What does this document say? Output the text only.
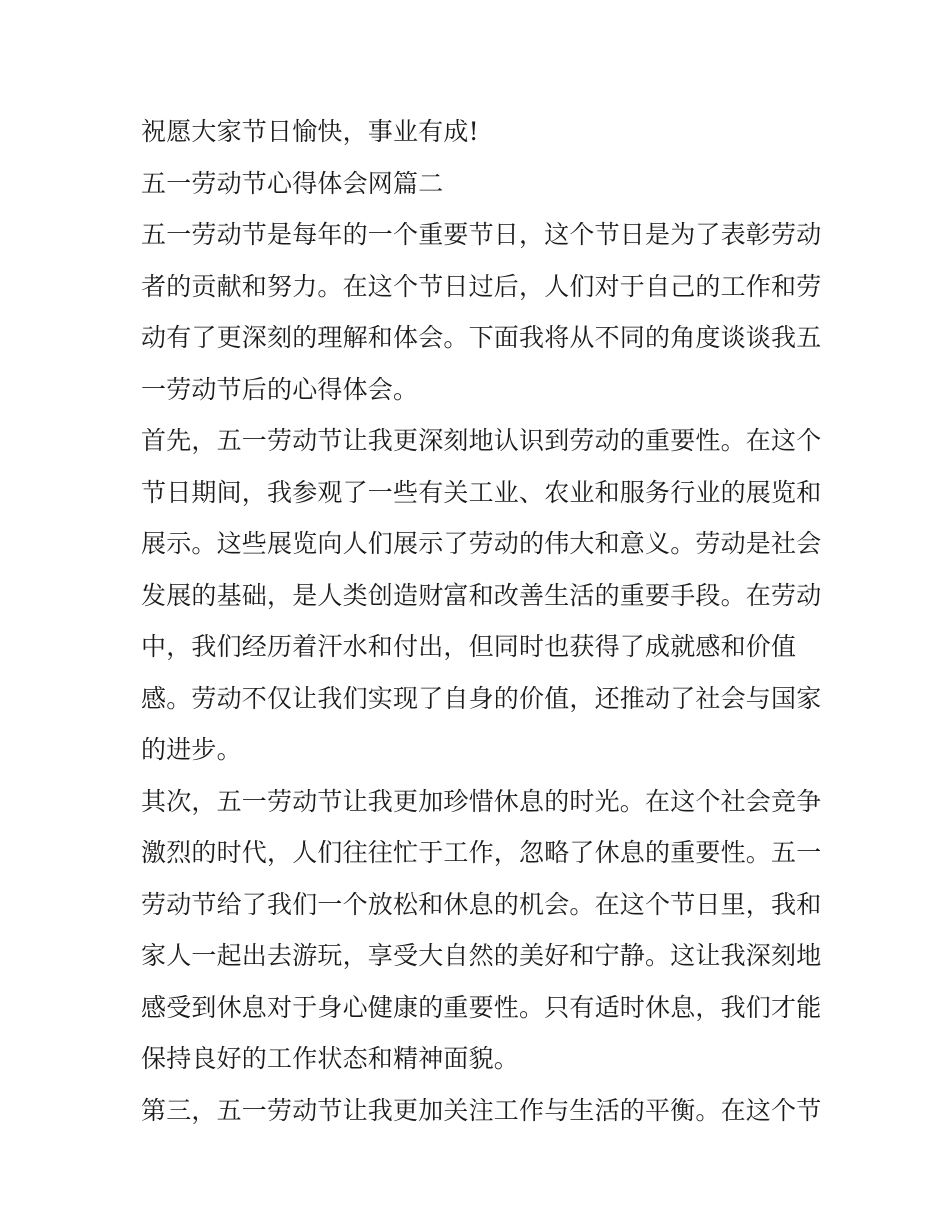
祝愿大家节日愉快，事业有成!
五一劳动节心得体会网篇二
五一劳动节是每年的一个重要节日，这个节日是为了表彰劳动
者的贡献和努力。在这个节日过后，人们对于自己的工作和劳
动有了更深刻的理解和体会。下面我将从不同的角度谈谈我五
一劳动节后的心得体会。
首先，五一劳动节让我更深刻地认识到劳动的重要性。在这个
节日期间，我参观了一些有关工业、农业和服务行业的展览和
展示。这些展览向人们展示了劳动的伟大和意义。劳动是社会
发展的基础，是人类创造财富和改善生活的重要手段。在劳动
中，我们经历着汗水和付出，但同时也获得了成就感和价值
感。劳动不仅让我们实现了自身的价值，还推动了社会与国家
的进步。
其次，五一劳动节让我更加珍惜休息的时光。在这个社会竞争
激烈的时代，人们往往忙于工作，忽略了休息的重要性。五一
劳动节给了我们一个放松和休息的机会。在这个节日里，我和
家人一起出去游玩，享受大自然的美好和宁静。这让我深刻地
感受到休息对于身心健康的重要性。只有适时休息，我们才能
保持良好的工作状态和精神面貌。
第三，五一劳动节让我更加关注工作与生活的平衡。在这个节
